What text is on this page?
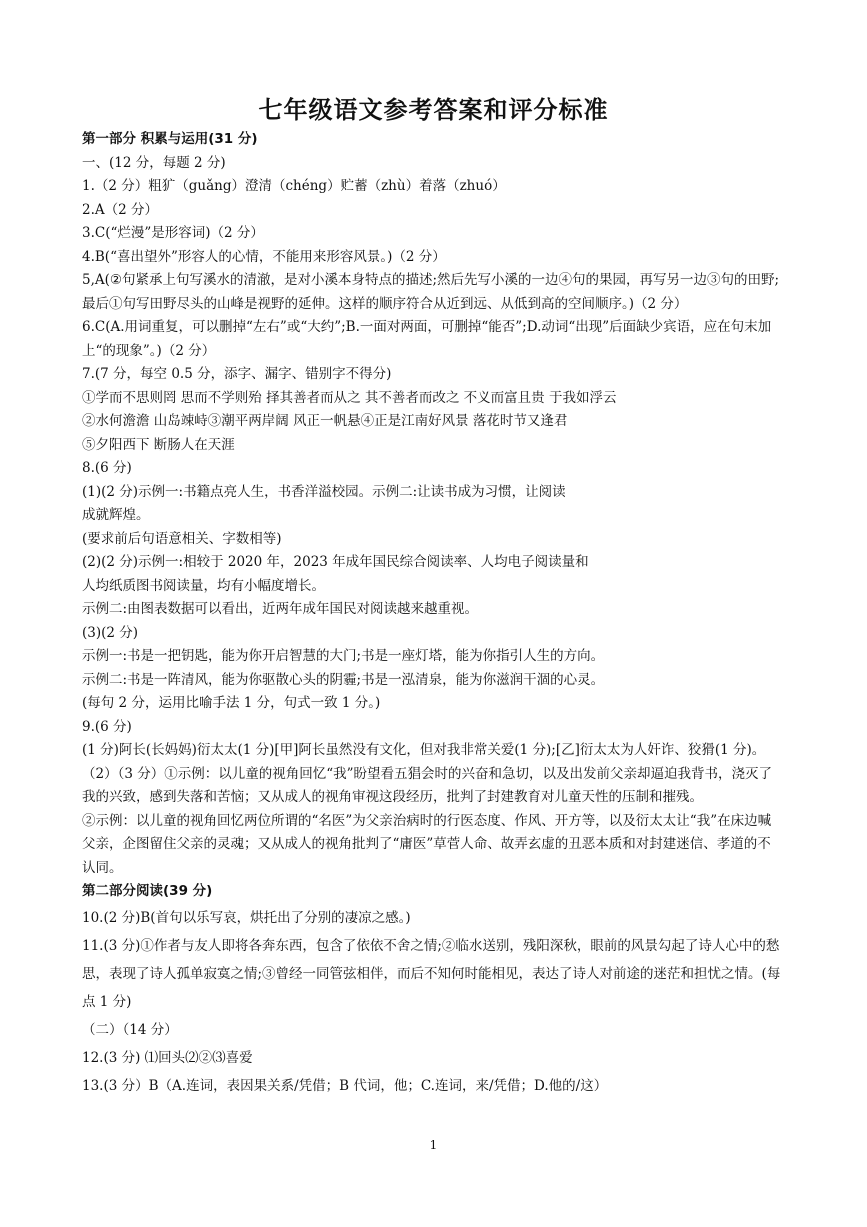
七年级语文参考答案和评分标准

第一部分 积累与运用(31 分)

一、(12 分，每题 2 分)

1.（2 分）粗犷（guǎng）澄清（chéng）贮蓄（zhù）着落（zhuó）

2.A（2 分）

3.C(“烂漫”是形容词)（2 分）

4.B(“喜出望外”形容人的心情，不能用来形容风景。)（2 分）

5,A(②句紧承上句写溪水的清澈，是对小溪本身特点的描述;然后先写小溪的一边④句的果园，再写另一边③句的田野;最后①句写田野尽头的山峰是视野的延伸。这样的顺序符合从近到远、从低到高的空间顺序。)（2 分）

6.C(A.用词重复，可以删掉“左右”或“大约”;B.一面对两面，可删掉“能否”;D.动词“出现”后面缺少宾语，应在句末加上“的现象”。)（2 分）

7.(7 分，每空 0.5 分，添字、漏字、错别字不得分)

①学而不思则罔 思而不学则殆 择其善者而从之 其不善者而改之 不义而富且贵 于我如浮云

②水何澹澹 山岛竦峙③潮平两岸阔 风正一帆悬④正是江南好风景 落花时节又逢君

⑤夕阳西下 断肠人在天涯

8.(6 分)

(1)(2 分)示例一:书籍点亮人生，书香洋溢校园。示例二:让读书成为习惯，让阅读

成就辉煌。

(要求前后句语意相关、字数相等)

(2)(2 分)示例一:相较于 2020 年，2023 年成年国民综合阅读率、人均电子阅读量和

人均纸质图书阅读量，均有小幅度增长。

示例二:由图表数据可以看出，近两年成年国民对阅读越来越重视。

(3)(2 分)

示例一:书是一把钥匙，能为你开启智慧的大门;书是一座灯塔，能为你指引人生的方向。

示例二:书是一阵清风，能为你驱散心头的阴霾;书是一泓清泉，能为你滋润干涸的心灵。

(每句 2 分，运用比喻手法 1 分，句式一致 1 分。)

9.(6 分)

(1 分)阿长(长妈妈)衍太太(1 分)[甲]阿长虽然没有文化，但对我非常关爱(1 分);[乙]衍太太为人奸诈、狡猾(1 分)。

（2）（3 分）①示例：以儿童的视角回忆“我”盼望看五猖会时的兴奋和急切，以及出发前父亲却逼迫我背书，浇灭了我的兴致，感到失落和苦恼；又从成人的视角审视这段经历，批判了封建教育对儿童天性的压制和摧残。

②示例：以儿童的视角回忆两位所谓的“名医”为父亲治病时的行医态度、作风、开方等，以及衍太太让“我”在床边喊父亲，企图留住父亲的灵魂；又从成人的视角批判了“庸医”草菅人命、故弄玄虚的丑恶本质和对封建迷信、孝道的不认同。

第二部分阅读(39 分)

10.(2 分)B(首句以乐写哀，烘托出了分别的凄凉之感。)

11.(3 分)①作者与友人即将各奔东西，包含了依依不舍之情;②临水送别，残阳深秋，眼前的风景勾起了诗人心中的愁思，表现了诗人孤单寂寞之情;③曾经一同管弦相伴，而后不知何时能相见，表达了诗人对前途的迷茫和担忧之情。(每点 1 分)

（二）（14 分）

12.(3 分) ⑴回头⑵②⑶喜爱

13.(3 分）B（A.连词，表因果关系/凭借；B 代词，他；C.连词，来/凭借；D.他的/这）

1
